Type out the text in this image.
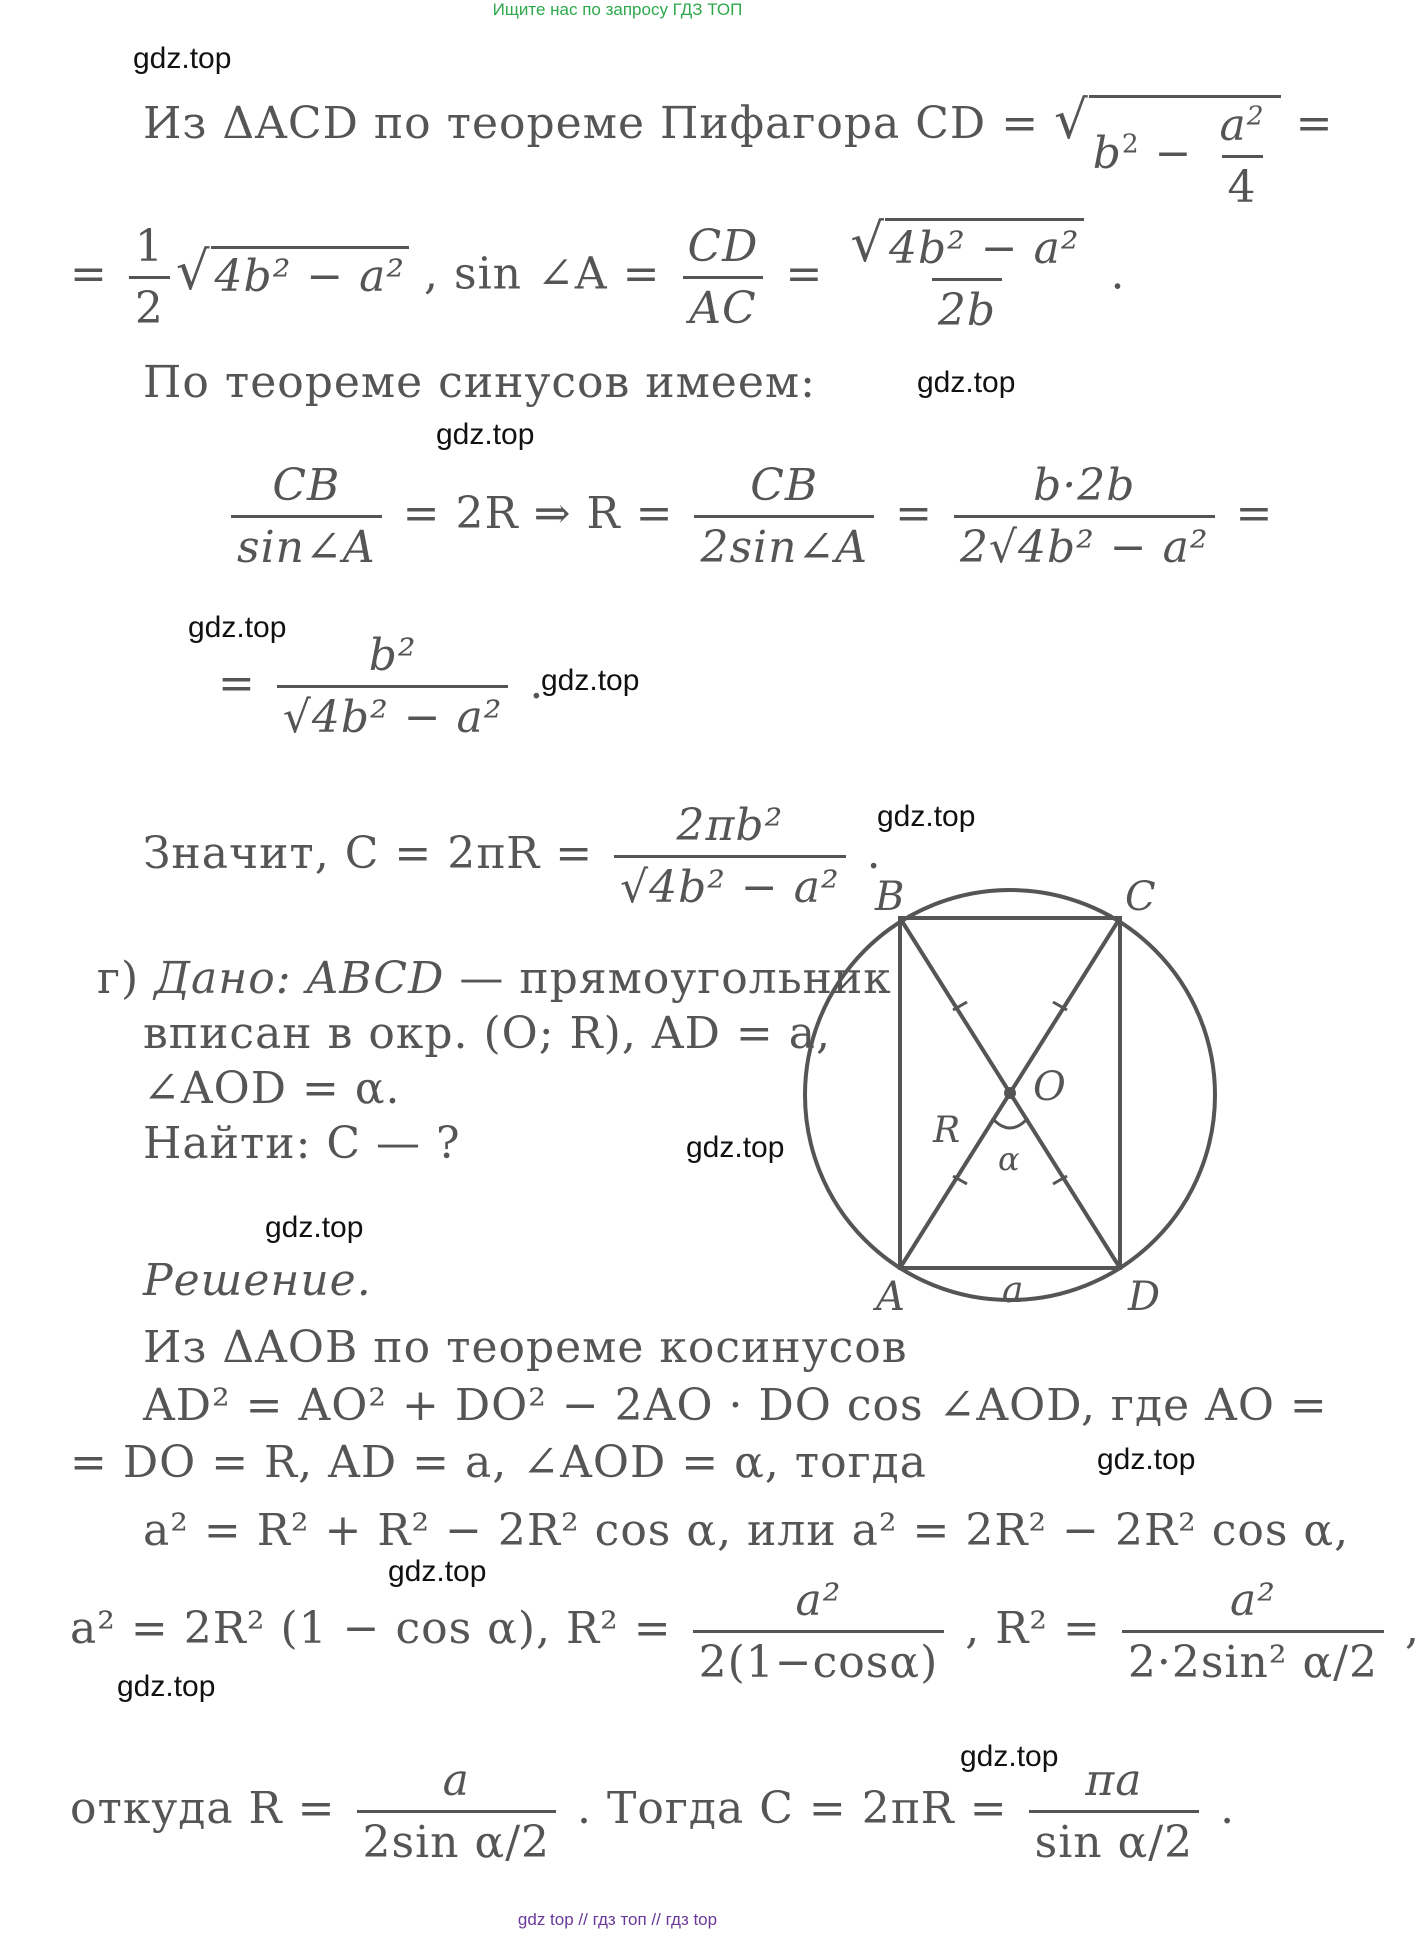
Ищите нас по запросу ГДЗ ТОП
gdz.top
gdz.top
gdz.top
gdz.top
gdz.top
gdz.top
gdz.top
gdz.top
gdz.top
gdz.top
gdz.top
gdz.top
Из ΔACD по теореме Пифагора CD = √
$b^2 - \frac{a^2}{4}$ =
= $\frac{1}{2}$ √ 4b² − a² , sin ∠A = $\frac{CD}{AC} = \frac{\text{√ 4b² − a²}}{2b}$ .
По теореме синусов имеем:
$\frac{CB}{\sin\angle A} = 2R$ ⇒ $R = \frac{CB}{2\sin\angle A} = \frac{b\cdot 2b}{\text{2√4b² − a²}}$ =
= $\frac{\text{b²}}{\text{√4b² − a²}}$ .
Значит, $C = 2\pi R = \frac{\text{2πb²}}{\text{√4b² − a²}}$ .
г) Дано: ABCD — прямоугольник
вписан в окр. (O; R), AD = a,
∠AOD = α.
Найти: C — ?
Решение.
Из ΔAOB по теореме косинусов
AD² = AO² + DO² − 2AO · DO cos ∠AOD, где AO =
= DO = R, AD = a, ∠AOD = α, тогда
a² = R² + R² − 2R² cos α, или a² = 2R² − 2R² cos α,
a² = 2R² (1 − cos α), $R^2 = \frac{\text{a²}}{2(1-\cos\alpha)}$ , $R^2 = \frac{\text{a²}}{\text{2·2sin² α/2}}$ ,
откуда $R = \frac{a}{\text{2sin α/2}}$ . Тогда $C = 2\pi R = \frac{\pi a}{\text{sin α/2}}$ .
B	C
O
R
α
A	a	D
gdz top // гдз топ // гдз top
